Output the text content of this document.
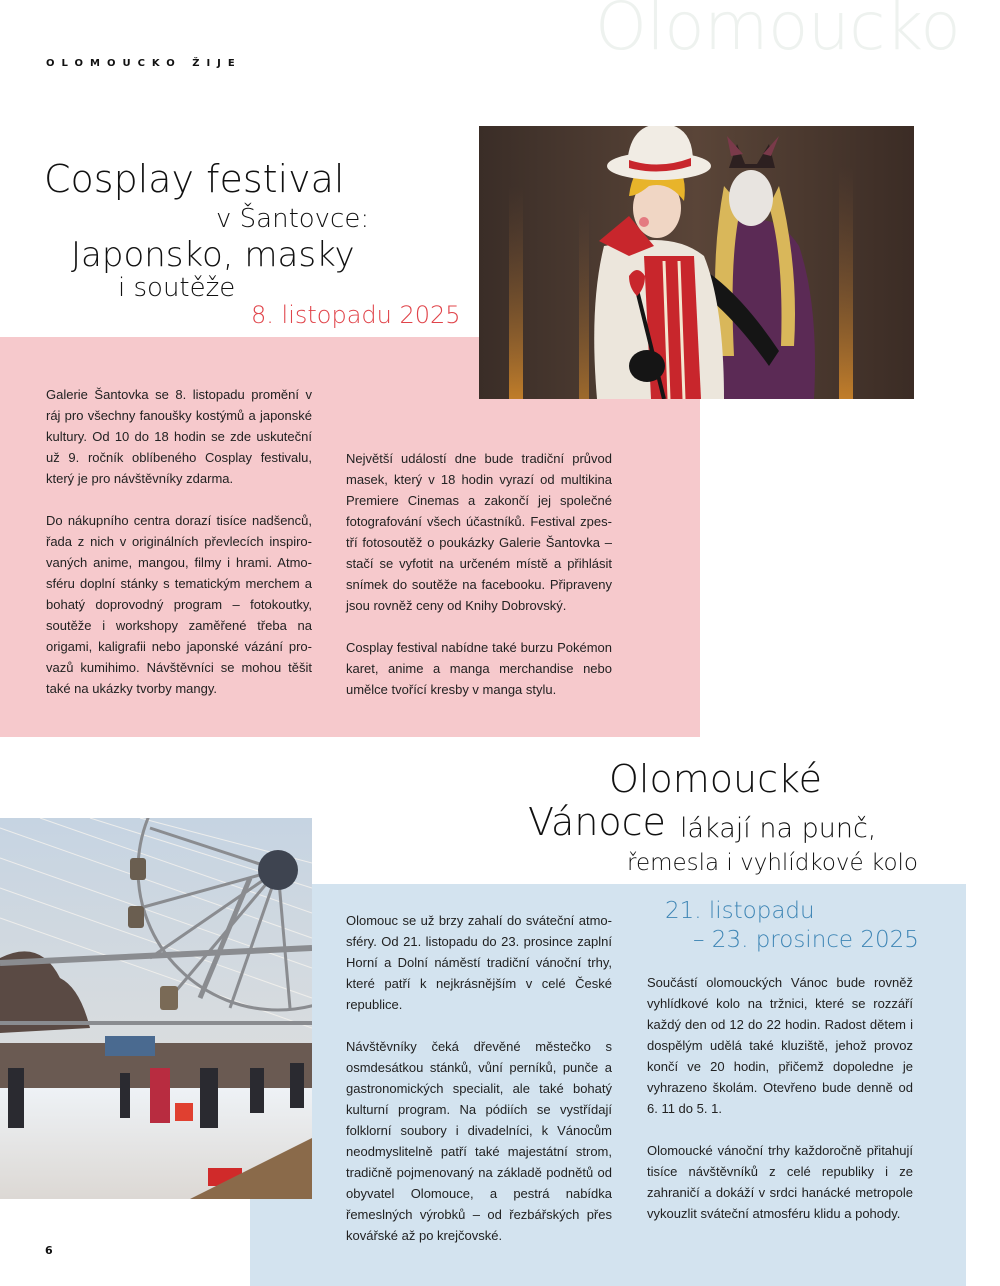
Olomoucko
OLOMOUCKO ŽIJE
Cosplay festival
v Šantovce:
Japonsko, masky
i soutěže
8. listopadu 2025

Galerie Šantovka se 8. listopadu promění v ráj pro všechny fanoušky kostýmů a japonské kultury. Od 10 do 18 hodin se zde uskuteční už 9. ročník oblíbeného Cosplay festivalu, který je pro návštěvníky zdarma.

Do nákupního centra dorazí tisíce nadšenců, řada z nich v originálních převlecích inspirovaných anime, mangou, filmy i hrami. Atmosféru doplní stánky s tematickým merchem a bohatý doprovodný program – fotokoutky, soutěže i workshopy zaměřené třeba na origami, kaligrafii nebo japonské vázání provazů kumihimo. Návštěvníci se mohou těšit také na ukázky tvorby mangy.

Největší událostí dne bude tradiční průvod masek, který v 18 hodin vyrazí od multikina Premiere Cinemas a zakončí jej společné fotografování všech účastníků. Festival zpestří fotosoutěž o poukázky Galerie Šantovka – stačí se vyfotit na určeném místě a přihlásit snímek do soutěže na facebooku. Připraveny jsou rovněž ceny od Knihy Dobrovský.

Cosplay festival nabídne také burzu Pokémon karet, anime a manga merchandise nebo umělce tvořící kresby v manga stylu.

Olomoucké
Vánoce lákají na punč,
řemesla i vyhlídkové kolo
21. listopadu
– 23. prosince 2025

Olomouc se už brzy zahalí do sváteční atmosféry. Od 21. listopadu do 23. prosince zaplní Horní a Dolní náměstí tradiční vánoční trhy, které patří k nejkrásnějším v celé České republice.

Návštěvníky čeká dřevěné městečko s osmdesátkou stánků, vůní perníků, punče a gastronomických specialit, ale také bohatý kulturní program. Na pódiích se vystřídají folklorní soubory i divadelníci, k Vánocům neodmyslitelně patří také majestátní strom, tradičně pojmenovaný na základě podnětů od obyvatel Olomouce, a pestrá nabídka řemeslných výrobků – od řezbářských přes kovářské až po krejčovské.

Součástí olomouckých Vánoc bude rovněž vyhlídkové kolo na tržnici, které se rozzáří každý den od 12 do 22 hodin. Radost dětem i dospělým udělá také kluziště, jehož provoz končí ve 20 hodin, přičemž dopoledne je vyhrazeno školám. Otevřeno bude denně od 6. 11 do 5. 1.

Olomoucké vánoční trhy každoročně přitahují tisíce návštěvníků z celé republiky i ze zahraničí a dokáží v srdci hanácké metropole vykouzlit sváteční atmosféru klidu a pohody.

6
